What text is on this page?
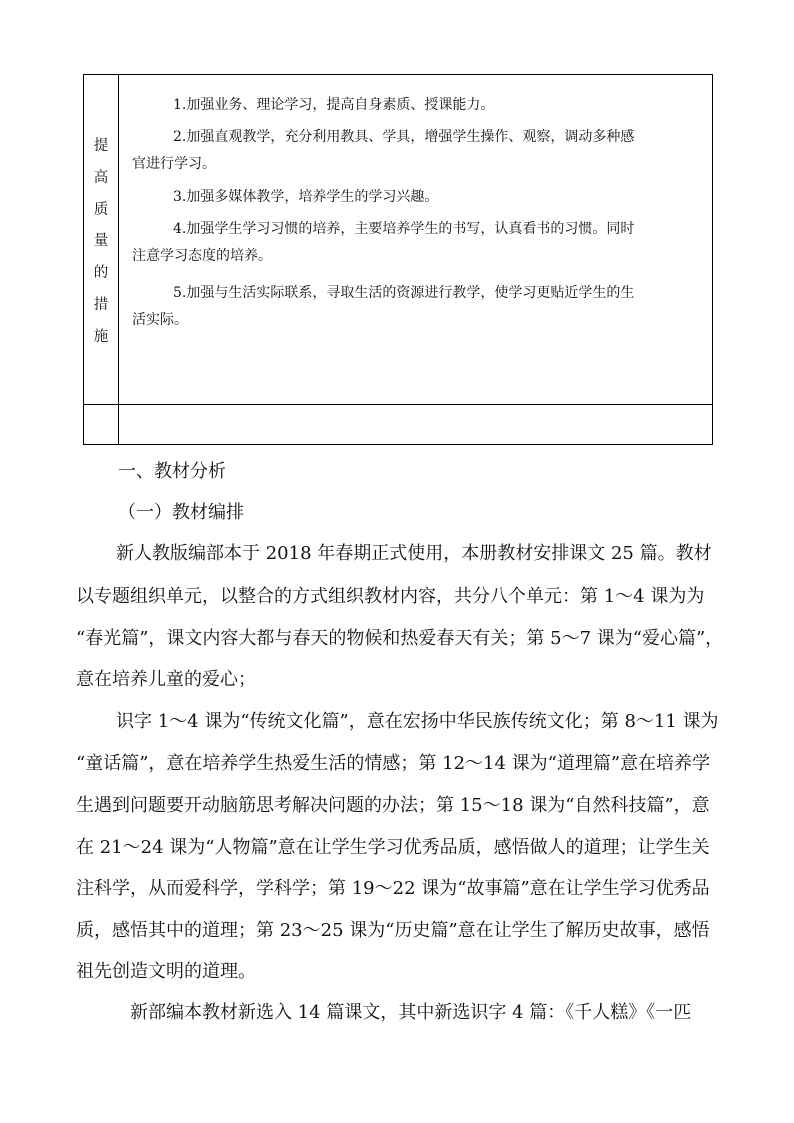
提
高
质
量
的
措
施

1.加强业务、理论学习，提高自身素质、授课能力。

2.加强直观教学，充分利用教具、学具，增强学生操作、观察，调动多种感
官进行学习。

3.加强多媒体教学，培养学生的学习兴趣。

4.加强学生学习习惯的培养，主要培养学生的书写，认真看书的习惯。同时
注意学习态度的培养。

5.加强与生活实际联系，寻取生活的资源进行教学，使学习更贴近学生的生
活实际。

一、教材分析

（一）教材编排

新人教版编部本于 2018 年春期正式使用，本册教材安排课文 25 篇。教材

以专题组织单元，以整合的方式组织教材内容，共分八个单元：第 1～4 课为为

“春光篇”，课文内容大都与春天的物候和热爱春天有关；第 5～7 课为“爱心篇”，

意在培养儿童的爱心；

识字 1～4 课为“传统文化篇”，意在宏扬中华民族传统文化；第 8～11 课为

“童话篇”，意在培养学生热爱生活的情感；第 12～14 课为“道理篇”意在培养学

生遇到问题要开动脑筋思考解决问题的办法；第 15～18 课为“自然科技篇”，意

在 21～24 课为“人物篇”意在让学生学习优秀品质，感悟做人的道理；让学生关

注科学，从而爱科学，学科学；第 19～22 课为“故事篇”意在让学生学习优秀品

质，感悟其中的道理；第 23～25 课为“历史篇”意在让学生了解历史故事，感悟

祖先创造文明的道理。

新部编本教材新选入 14 篇课文，其中新选识字 4 篇：《千人糕》《一匹
